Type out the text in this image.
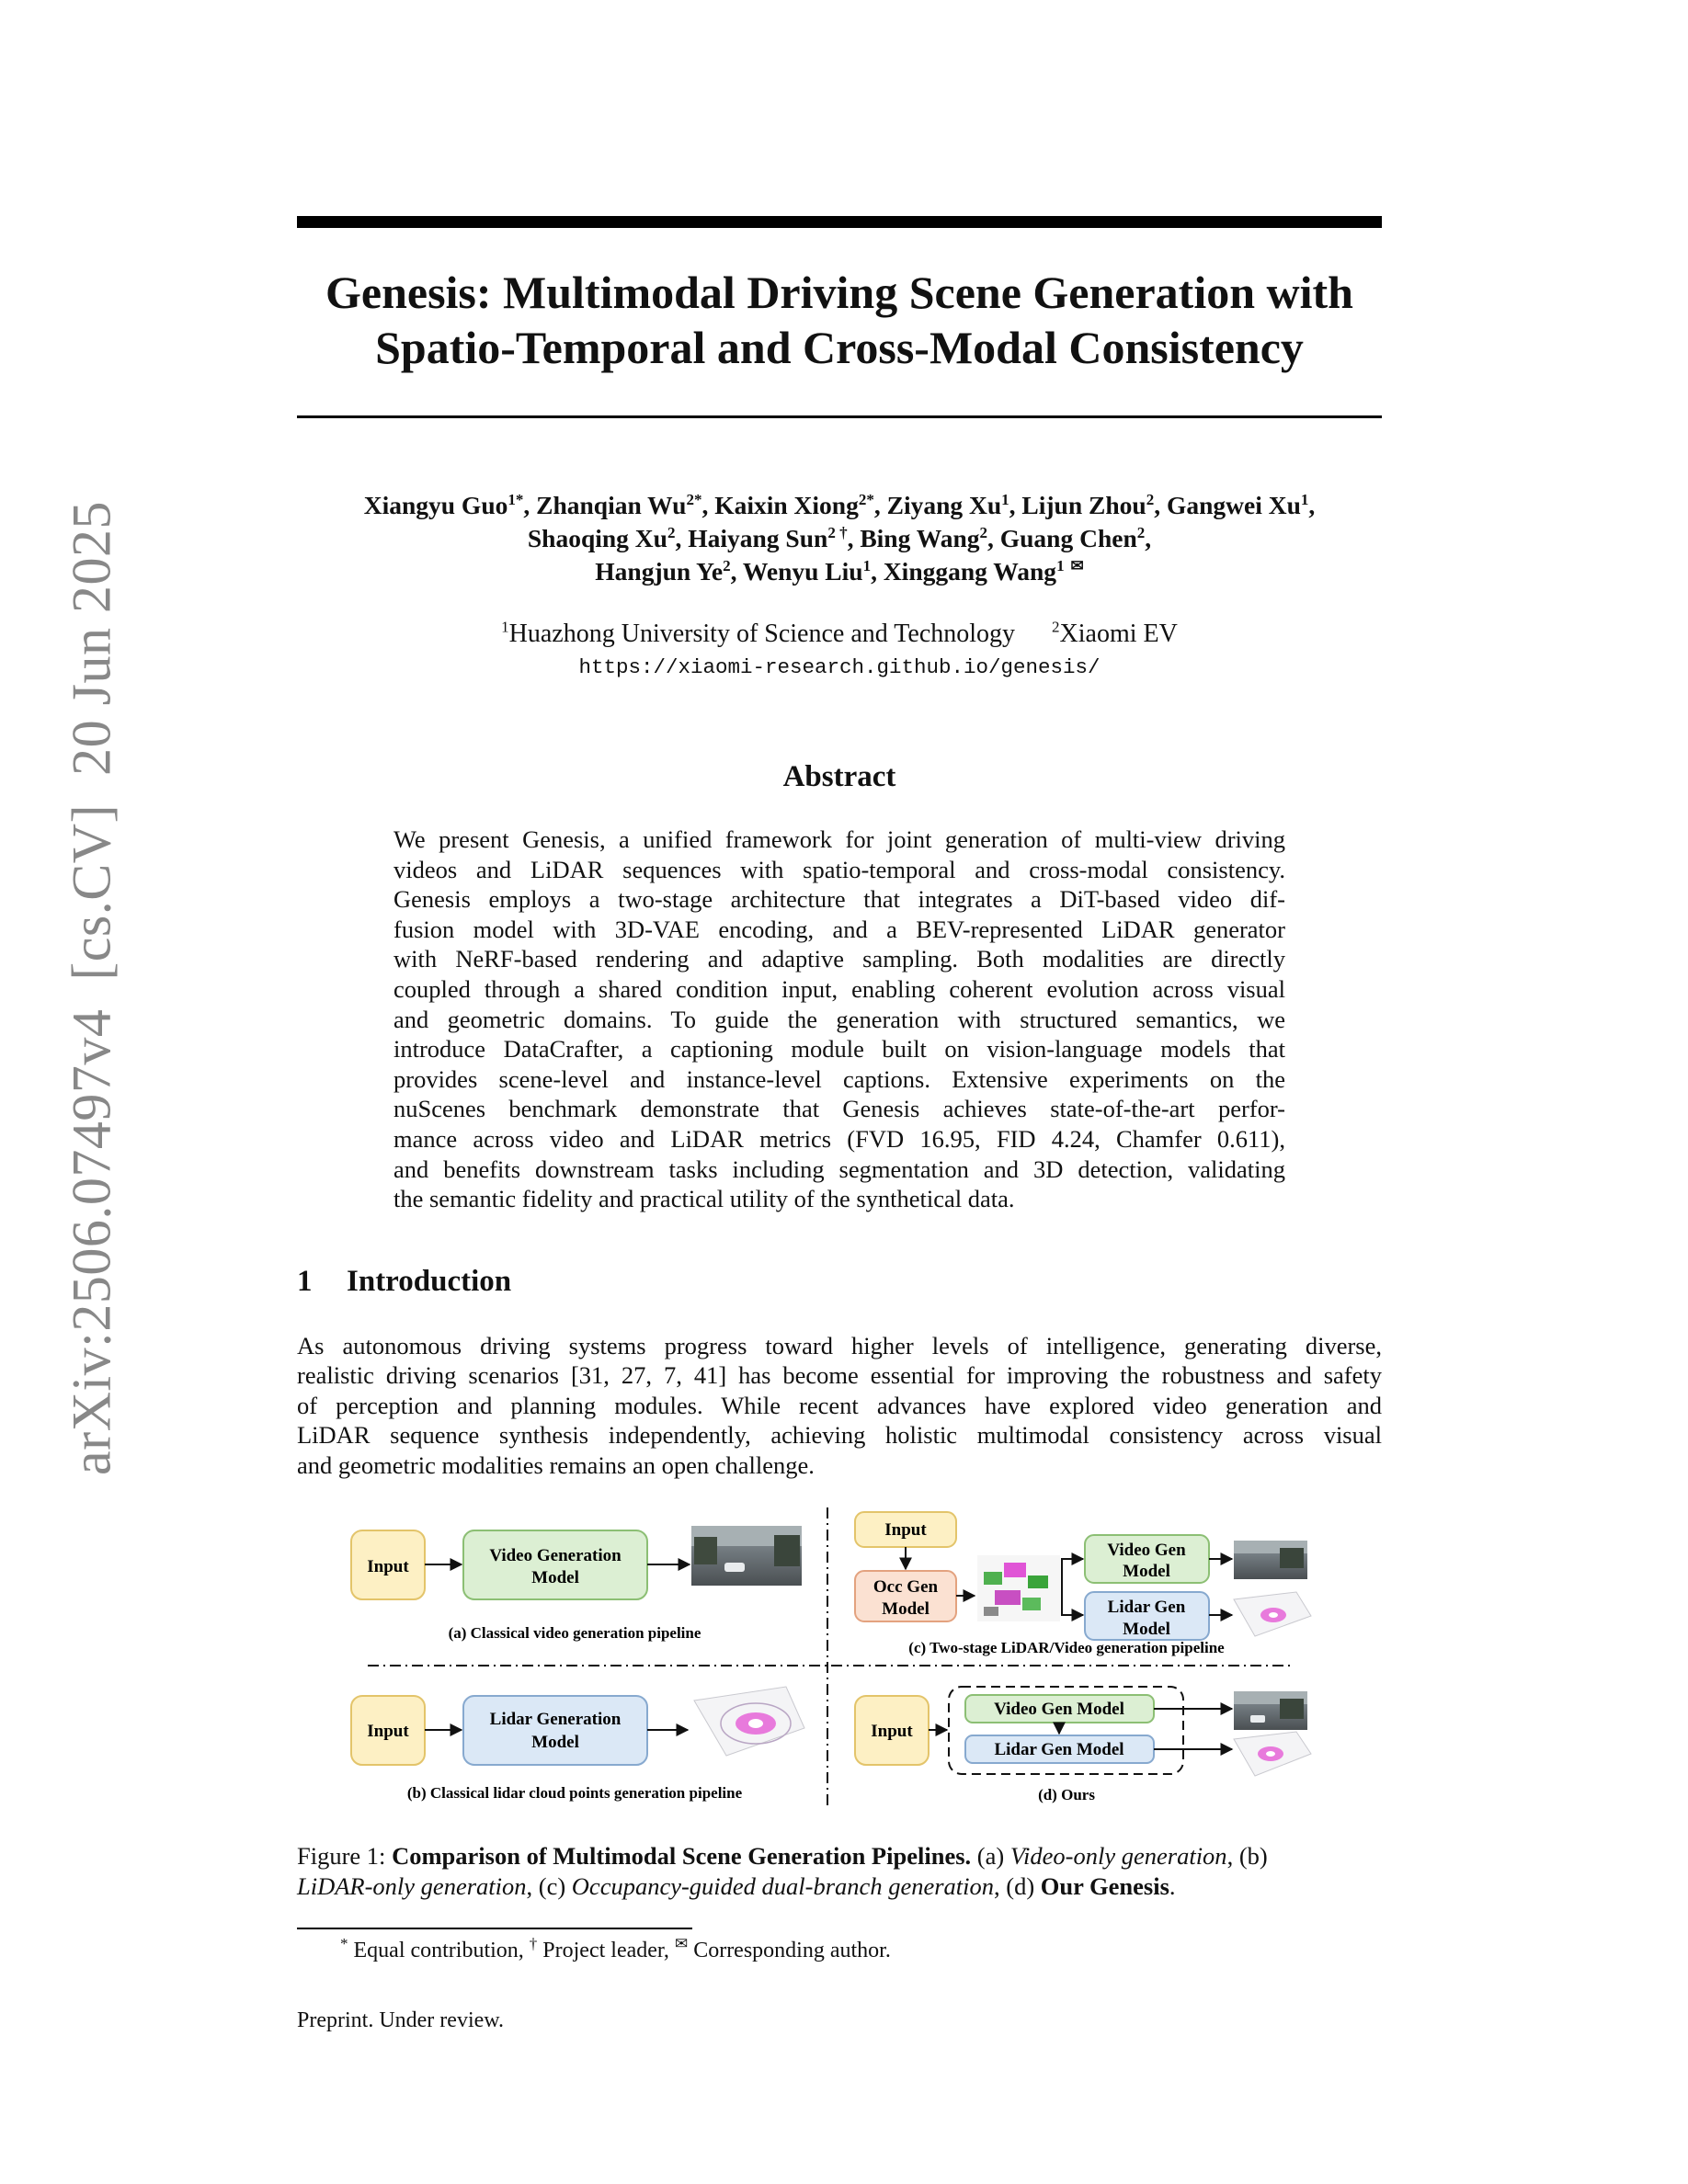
arXiv:2506.07497v4  [cs.CV]  20 Jun 2025
Genesis: Multimodal Driving Scene Generation with
Spatio-Temporal and Cross-Modal Consistency
Xiangyu Guo$^{1*}$, Zhanqian $Wu^{2*}$, Kaixin Xiong$^{2*}$, Ziyang Xu$^1$, Lijun Zhou$^2$, Gangwei Xu$^1$,
Shaoqing Xu$^2$, Haiyang Sun$^{2 \dagger}$, Bing Wang$^2$, Guang Chen$^2$,
Hangjun Ye$^2$, Wenyu Liu$^1$, Xinggang Wang$^1$ ✉
$^1$Huazhong University of Science and Technology $^2$Xiaomi EV
https://xiaomi-research.github.io/genesis/
Abstract
We present Genesis, a unified framework for joint generation of multi-view driving
videos and LiDAR sequences with spatio-temporal and cross-modal consistency.
Genesis employs a two-stage architecture that integrates a DiT-based video dif-
fusion model with 3D-VAE encoding, and a BEV-represented LiDAR generator
with NeRF-based rendering and adaptive sampling. Both modalities are directly
coupled through a shared condition input, enabling coherent evolution across visual
and geometric domains. To guide the generation with structured semantics, we
introduce DataCrafter, a captioning module built on vision-language models that
provides scene-level and instance-level captions. Extensive experiments on the
nuScenes benchmark demonstrate that Genesis achieves state-of-the-art perfor-
mance across video and LiDAR metrics (FVD 16.95, FID 4.24, Chamfer 0.611),
and benefits downstream tasks including segmentation and 3D detection, validating
the semantic fidelity and practical utility of the synthetical data.
1 Introduction
As autonomous driving systems progress toward higher levels of intelligence, generating diverse,
realistic driving scenarios [31, 27, 7, 41] has become essential for improving the robustness and safety
of perception and planning modules. While recent advances have explored video generation and
LiDAR sequence synthesis independently, achieving holistic multimodal consistency across visual
and geometric modalities remains an open challenge.
Input
Video Generation
Model
(a) Classical video generation pipeline
Input
Lidar Generation
Model
(b) Classical lidar cloud points generation pipeline
Input
Occ Gen
Model
Video Gen
Model
Lidar Gen
Model
(c) Two-stage LiDAR/Video generation pipeline
Input
Video Gen Model
Lidar Gen Model
(d) Ours
Figure 1: Comparison of Multimodal Scene Generation Pipelines. (a) Video-only generation, (b)
LiDAR-only generation, (c) Occupancy-guided dual-branch generation, (d) Our Genesis.
* Equal contribution, † Project leader, ✉ Corresponding author.
Preprint. Under review.
